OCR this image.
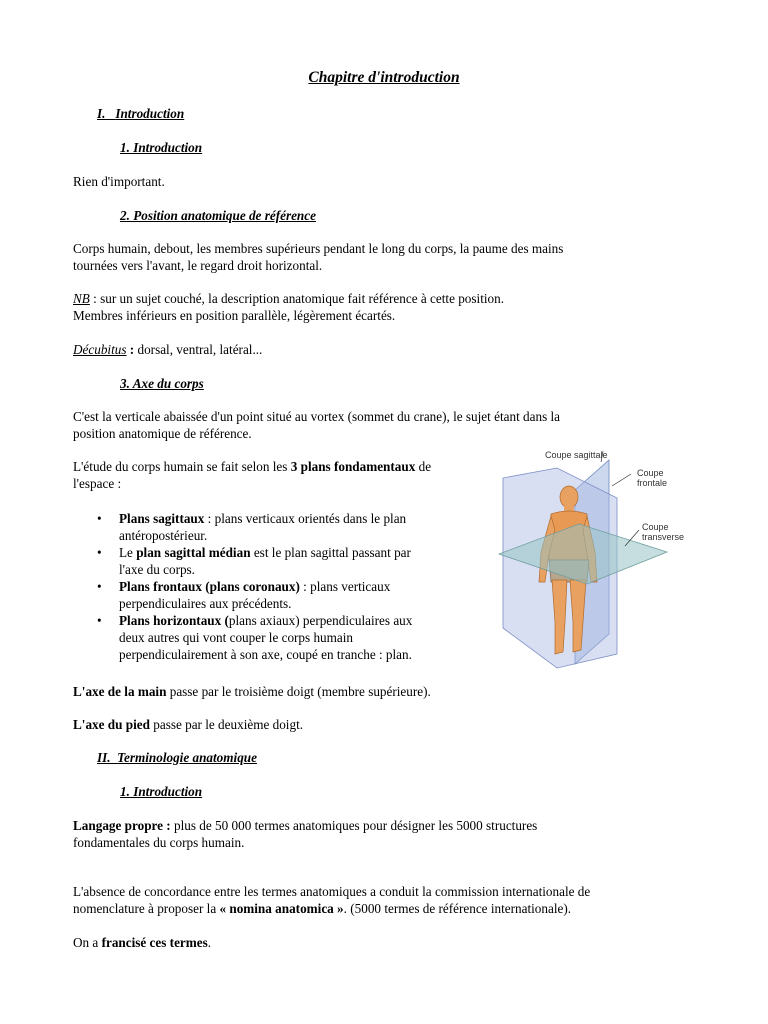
Chapitre d'introduction
I. Introduction
1. Introduction
Rien d'important.
2. Position anatomique de référence
Corps humain, debout, les membres supérieurs pendant le long du corps, la paume des mains
tournées vers l'avant, le regard droit horizontal.
NB : sur un sujet couché, la description anatomique fait référence à cette position.
Membres inférieurs en position parallèle, légèrement écartés.
Décubitus : dorsal, ventral, latéral...
3. Axe du corps
C'est la verticale abaissée d'un point situé au vortex (sommet du crane), le sujet étant dans la
position anatomique de référence.
L'étude du corps humain se fait selon les 3 plans fondamentaux de
l'espace :
• Plans sagittaux : plans verticaux orientés dans le plan
antéropostérieur.
• Le plan sagittal médian est le plan sagittal passant par
l'axe du corps.
• Plans frontaux (plans coronaux) : plans verticaux
perpendiculaires aux précédents.
• Plans horizontaux (plans axiaux) perpendiculaires aux
deux autres qui vont couper le corps humain
perpendiculairement à son axe, coupé en tranche : plan.
Coupe sagittale
Coupe
frontale
Coupe
transverse
L'axe de la main passe par le troisième doigt (membre supérieure).
L'axe du pied passe par le deuxième doigt.
II. Terminologie anatomique
1. Introduction
Langage propre : plus de 50 000 termes anatomiques pour désigner les 5000 structures
fondamentales du corps humain.
L'absence de concordance entre les termes anatomiques a conduit la commission internationale de
nomenclature à proposer la « nomina anatomica ». (5000 termes de référence internationale).
On a francisé ces termes.
